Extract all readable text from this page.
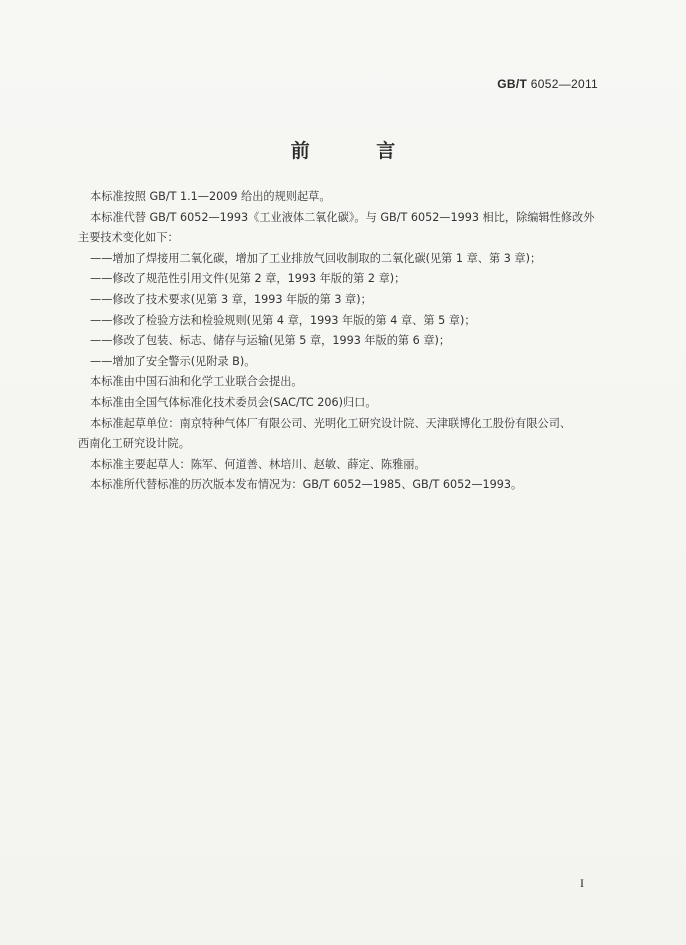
GB/T 6052—2011
前 言
本标准按照 GB/T 1.1—2009 给出的规则起草。
本标准代替 GB/T 6052—1993《工业液体二氧化碳》。与 GB/T 6052—1993 相比，除编辑性修改外
主要技术变化如下：
——增加了焊接用二氧化碳，增加了工业排放气回收制取的二氧化碳(见第 1 章、第 3 章)；
——修改了规范性引用文件(见第 2 章，1993 年版的第 2 章)；
——修改了技术要求(见第 3 章，1993 年版的第 3 章)；
——修改了检验方法和检验规则(见第 4 章，1993 年版的第 4 章、第 5 章)；
——修改了包装、标志、储存与运输(见第 5 章，1993 年版的第 6 章)；
——增加了安全警示(见附录 B)。
本标准由中国石油和化学工业联合会提出。
本标准由全国气体标准化技术委员会(SAC/TC 206)归口。
本标准起草单位：南京特种气体厂有限公司、光明化工研究设计院、天津联博化工股份有限公司、
西南化工研究设计院。
本标准主要起草人：陈军、何道善、林培川、赵敏、薛定、陈雅丽。
本标准所代替标准的历次版本发布情况为：GB/T 6052—1985、GB/T 6052—1993。
I
